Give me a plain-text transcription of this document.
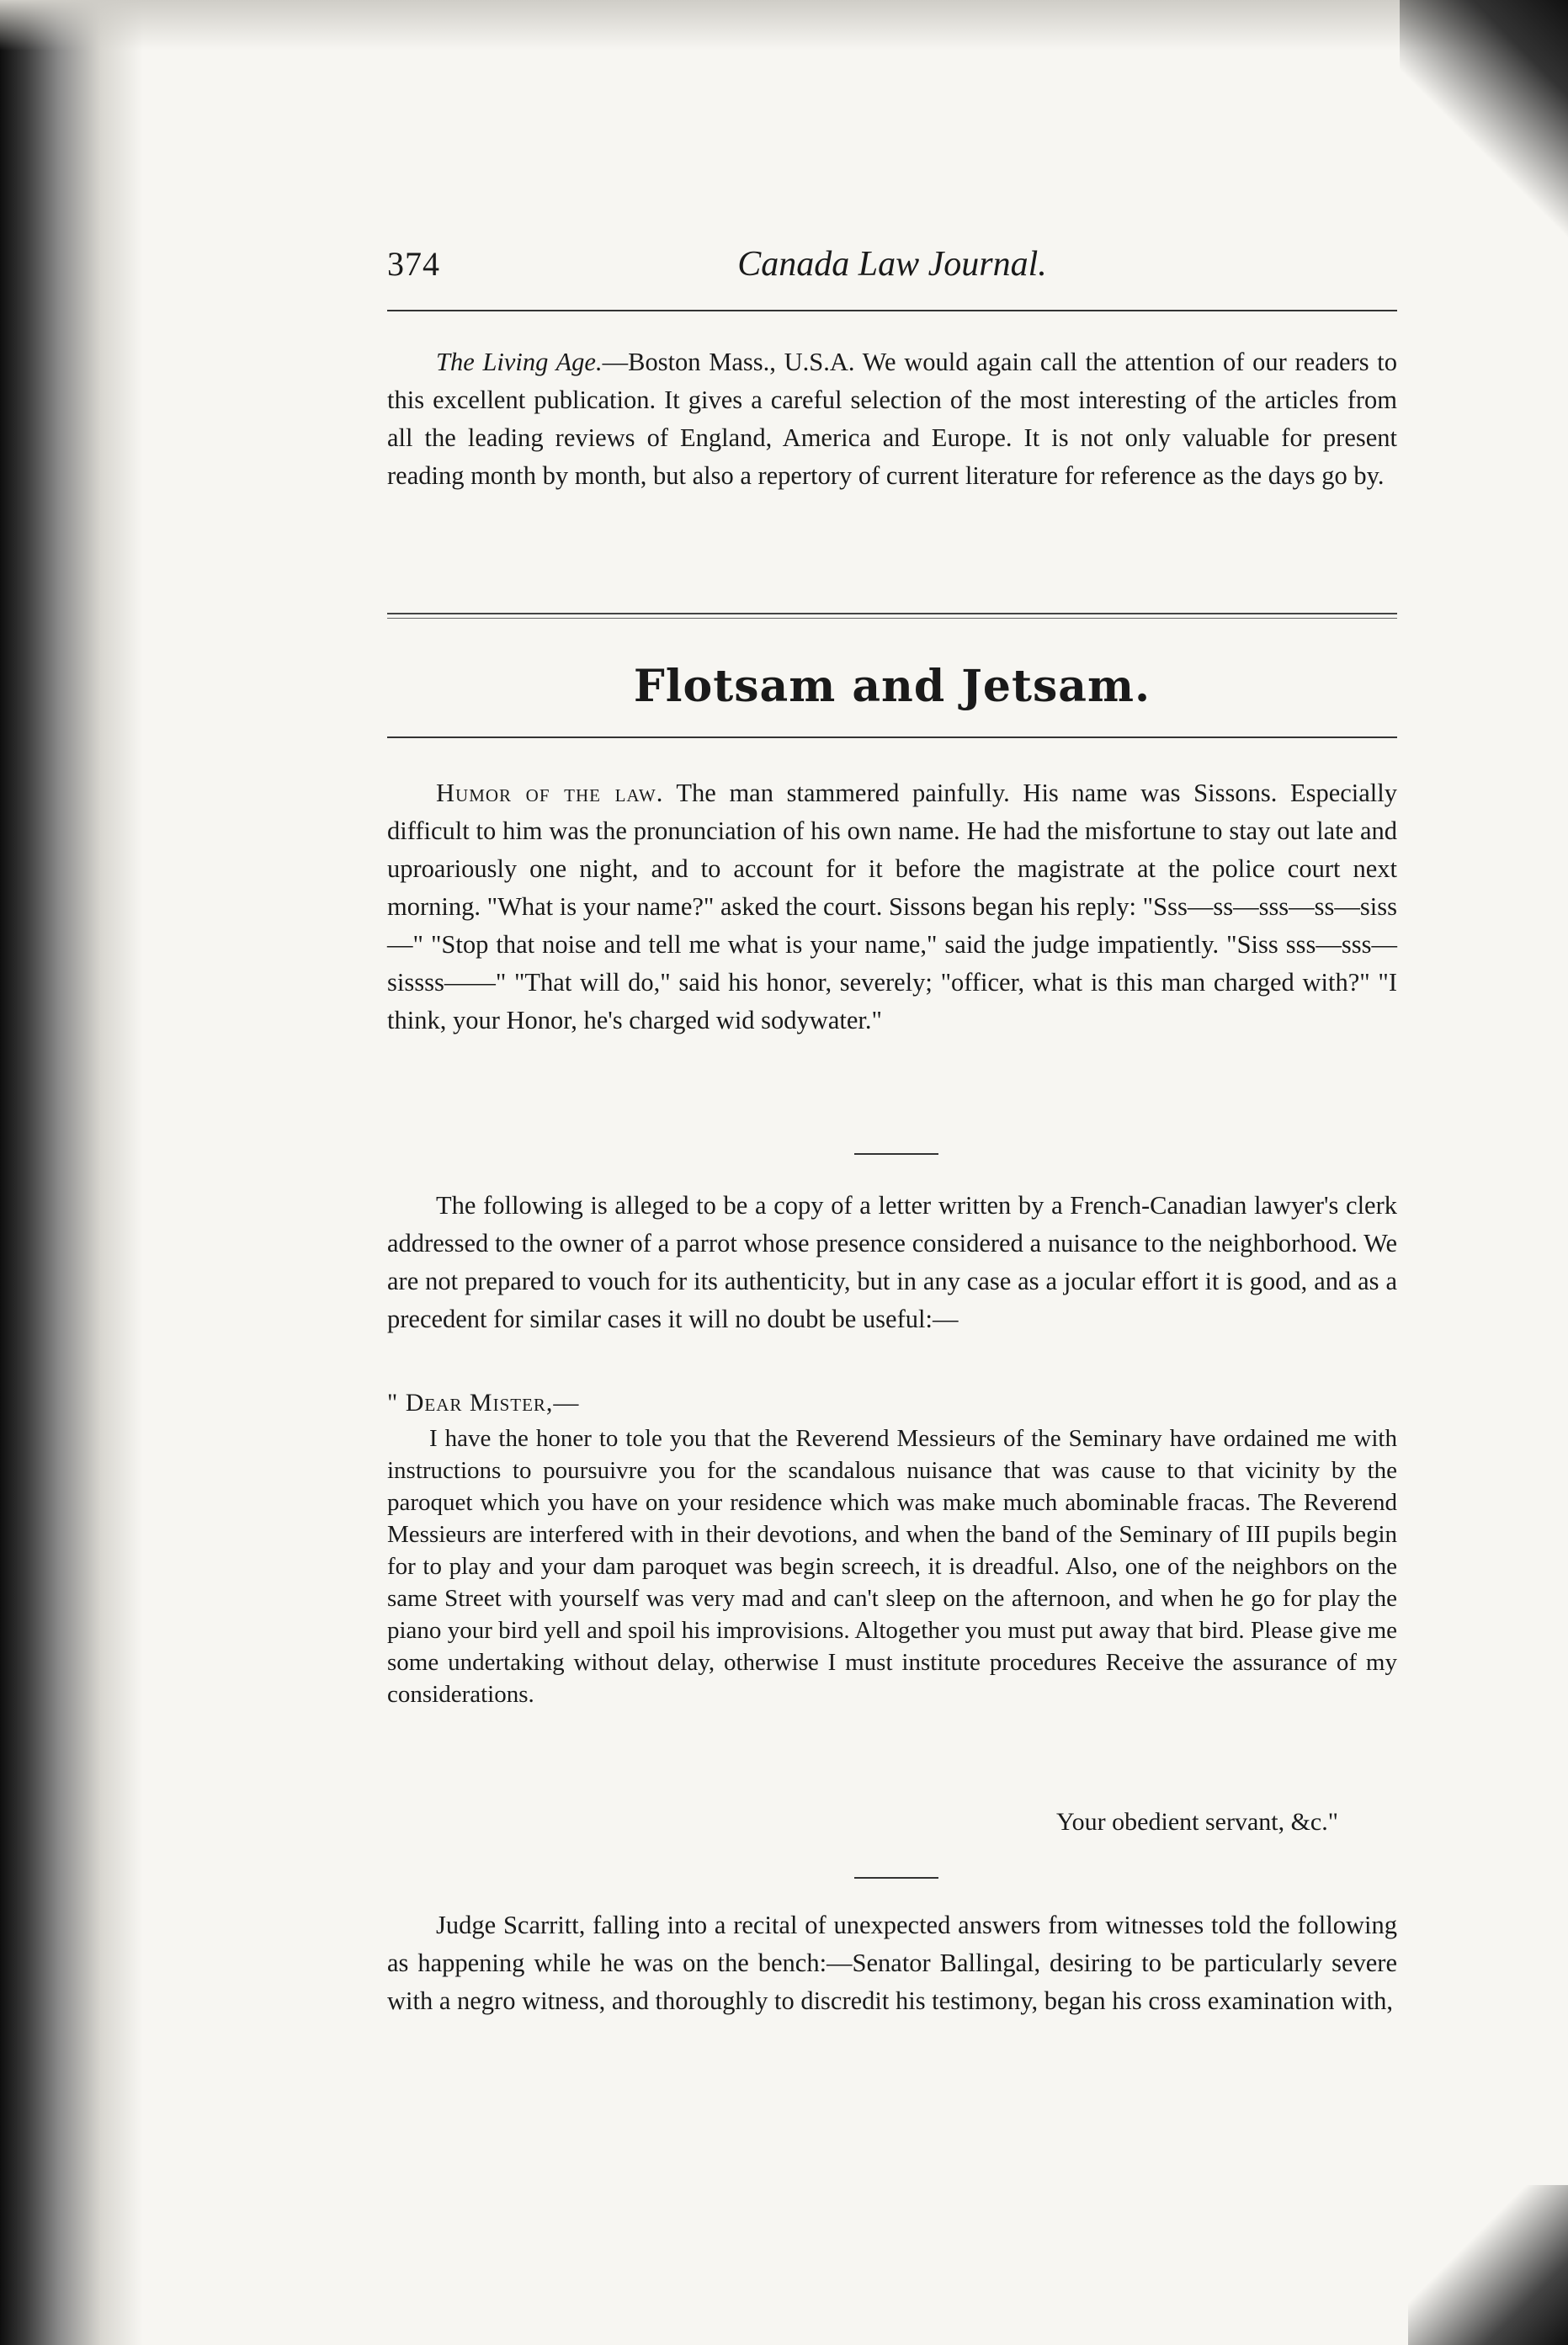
374	Canada Law Journal.

The Living Age.—Boston Mass., U.S.A. We would again call the attention of our readers to this excellent publication. It gives a careful selection of the most interesting of the articles from all the leading reviews of England, America and Europe. It is not only valuable for present reading month by month, but also a repertory of current literature for reference as the days go by.

Flotsam and Jetsam.

Humor of the law. The man stammered painfully. His name was Sissons. Especially difficult to him was the pronunciation of his own name. He had the misfortune to stay out late and uproariously one night, and to account for it before the magistrate at the police court next morning. "What is your name?" asked the court. Sissons began his reply: "Sss—ss—sss—ss—siss—" "Stop that noise and tell me what is your name," said the judge impatiently. "Siss sss—sss—sissss——" "That will do," said his honor, severely; "officer, what is this man charged with?" "I think, your Honor, he's charged wid sodywater."

The following is alleged to be a copy of a letter written by a French-Canadian lawyer's clerk addressed to the owner of a parrot whose presence considered a nuisance to the neighborhood. We are not prepared to vouch for its authenticity, but in any case as a jocular effort it is good, and as a precedent for similar cases it will no doubt be useful:—

" Dear Mister,—

I have the honer to tole you that the Reverend Messieurs of the Seminary have ordained me with instructions to poursuivre you for the scandalous nuisance that was cause to that vicinity by the paroquet which you have on your residence which was make much abominable fracas. The Reverend Messieurs are interfered with in their devotions, and when the band of the Seminary of III pupils begin for to play and your dam paroquet was begin screech, it is dreadful. Also, one of the neighbors on the same Street with yourself was very mad and can't sleep on the afternoon, and when he go for play the piano your bird yell and spoil his improvisions. Altogether you must put away that bird. Please give me some undertaking without delay, otherwise I must institute procedures Receive the assurance of my considerations.

Your obedient servant, &c."

Judge Scarritt, falling into a recital of unexpected answers from witnesses told the following as happening while he was on the bench:—Senator Ballingal, desiring to be particularly severe with a negro witness, and thoroughly to discredit his testimony, began his cross examination with,
